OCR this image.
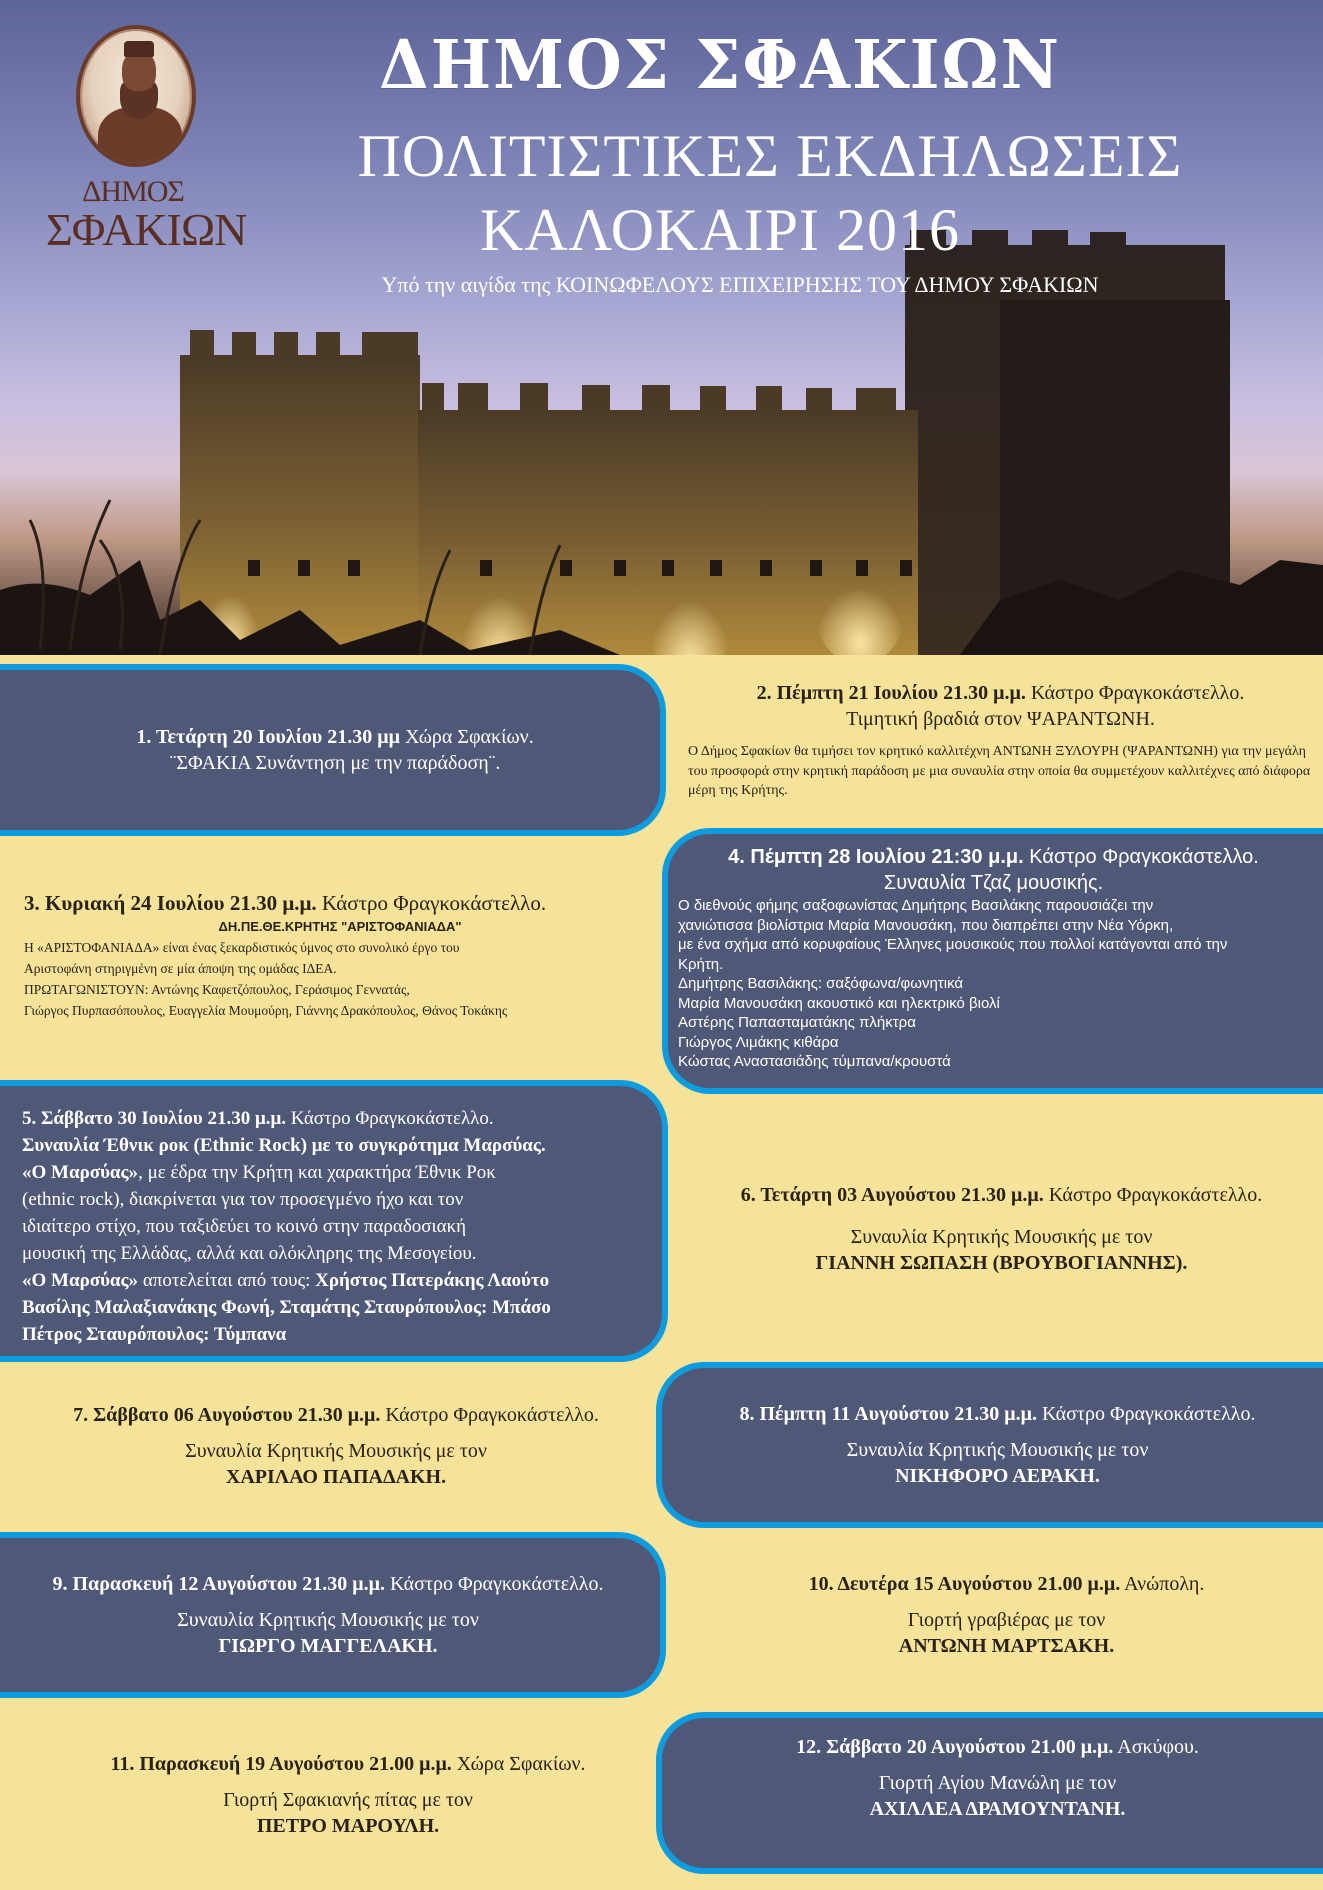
ΔΗΜΟΣ
ΣΦΑΚΙΩΝ
ΔΗΜΟΣ ΣΦΑΚΙΩΝ
ΠΟΛΙΤΙΣΤΙΚΕΣ ΕΚΔΗΛΩΣΕΙΣ
ΚΑΛΟΚΑΙΡΙ 2016
Υπό την αιγίδα της ΚΟΙΝΩΦΕΛΟΥΣ ΕΠΙΧΕΙΡΗΣΗΣ ΤΟΥ ΔΗΜΟΥ ΣΦΑΚΙΩΝ
1. Τετάρτη 20 Ιουλίου 21.30 μμ Χώρα Σφακίων.
¨ΣΦΑΚΙΑ Συνάντηση με την παράδοση¨.
2. Πέμπτη 21 Ιουλίου 21.30 μ.μ. Κάστρο Φραγκοκάστελλο.
Τιμητική βραδιά στον ΨΑΡΑΝΤΩΝΗ.
Ο Δήμος Σφακίων θα τιμήσει τον κρητικό καλλιτέχνη ΑΝΤΩΝΗ ΞΥΛΟΥΡΗ (ΨΑΡΑΝΤΩΝΗ) για την μεγάλη του προσφορά στην κρητική παράδοση με μια συναυλία στην οποία θα συμμετέχουν καλλιτέχνες από διάφορα μέρη της Κρήτης.
3. Κυριακή 24 Ιουλίου 21.30 μ.μ. Κάστρο Φραγκοκάστελλο.
ΔΗ.ΠΕ.ΘΕ.ΚΡΗΤΗΣ "ΑΡΙΣΤΟΦΑΝΙΑΔΑ"
Η «ΑΡΙΣΤΟΦΑΝΙΑΔΑ» είναι ένας ξεκαρδιστικός ύμνος στο συνολικό έργο του
Αριστοφάνη στηριγμένη σε μία άποψη της ομάδας ΙΔΕΑ.
ΠΡΩΤΑΓΩΝΙΣΤΟΥΝ: Αντώνης Καφετζόπουλος, Γεράσιμος Γεννατάς,
Γιώργος Πυρπασόπουλος, Ευαγγελία Μουμούρη, Γιάννης Δρακόπουλος, Θάνος Τοκάκης
4. Πέμπτη 28 Ιουλίου 21:30 μ.μ. Κάστρο Φραγκοκάστελλο.
Συναυλία Τζαζ μουσικής.
Ο διεθνούς φήμης σαξοφωνίστας Δημήτρης Βασιλάκης παρουσιάζει την
χανιώτισσα βιολίστρια Μαρία Μανουσάκη, που διαπρέπει στην Νέα Υόρκη,
με ένα σχήμα από κορυφαίους Έλληνες μουσικούς που πολλοί κατάγονται από την
Κρήτη.
Δημήτρης Βασιλάκης: σαξόφωνα/φωνητικά
Μαρία Μανουσάκη ακουστικό και ηλεκτρικό βιολί
Αστέρης Παπασταματάκης πλήκτρα
Γιώργος Λιμάκης κιθάρα
Κώστας Αναστασιάδης τύμπανα/κρουστά
5. Σάββατο 30 Ιουλίου 21.30 μ.μ. Κάστρο Φραγκοκάστελλο.
Συναυλία Έθνικ ροκ (Ethnic Rock) με το συγκρότημα Μαρσύας.
«Ο Μαρσύας», με έδρα την Κρήτη και χαρακτήρα Έθνικ Ροκ
(ethnic rock), διακρίνεται για τον προσεγμένο ήχο και τον
ιδιαίτερο στίχο, που ταξιδεύει το κοινό στην παραδοσιακή
μουσική της Ελλάδας, αλλά και ολόκληρης της Μεσογείου.
«Ο Μαρσύας» αποτελείται από τους: Χρήστος Πατεράκης Λαούτο
Βασίλης Μαλαξιανάκης Φωνή, Σταμάτης Σταυρόπουλος: Μπάσο
Πέτρος Σταυρόπουλος: Τύμπανα
6. Τετάρτη 03 Αυγούστου 21.30 μ.μ. Κάστρο Φραγκοκάστελλο.
Συναυλία Κρητικής Μουσικής με τον
ΓΙΑΝΝΗ ΣΩΠΑΣΗ (ΒΡΟΥΒΟΓΙΑΝΝΗΣ).
7. Σάββατο 06 Αυγούστου 21.30 μ.μ. Κάστρο Φραγκοκάστελλο.
Συναυλία Κρητικής Μουσικής με τον
ΧΑΡΙΛΑΟ ΠΑΠΑΔΑΚΗ.
8. Πέμπτη 11 Αυγούστου 21.30 μ.μ. Κάστρο Φραγκοκάστελλο.
Συναυλία Κρητικής Μουσικής με τον
ΝΙΚΗΦΟΡΟ ΑΕΡΑΚΗ.
9. Παρασκευή 12 Αυγούστου 21.30 μ.μ. Κάστρο Φραγκοκάστελλο.
Συναυλία Κρητικής Μουσικής με τον
ΓΙΩΡΓΟ ΜΑΓΓΕΛΑΚΗ.
10. Δευτέρα 15 Αυγούστου 21.00 μ.μ. Ανώπολη.
Γιορτή γραβιέρας με τον
ΑΝΤΩΝΗ ΜΑΡΤΣΑΚΗ.
11. Παρασκευή 19 Αυγούστου 21.00 μ.μ. Χώρα Σφακίων.
Γιορτή Σφακιανής πίτας με τον
ΠΕΤΡΟ ΜΑΡΟΥΛΗ.
12. Σάββατο 20 Αυγούστου 21.00 μ.μ. Ασκύφου.
Γιορτή Αγίου Μανώλη με τον
ΑΧΙΛΛΕΑ ΔΡΑΜΟΥΝΤΑΝΗ.
